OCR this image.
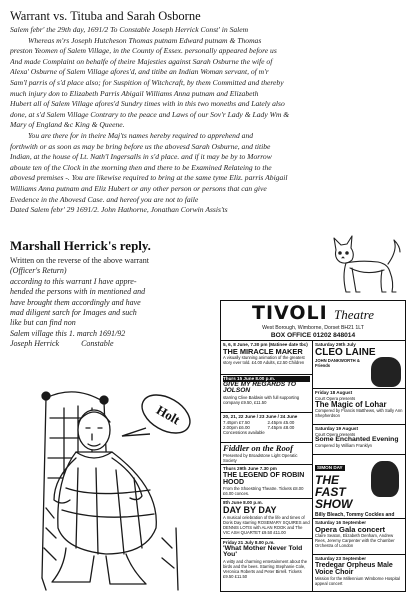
Warrant vs. Tituba and Sarah Osborne
Salem febr' the 29th day, 1691/2 To Constable Joseph Herrick Const' in Salem
Whereas m'rs Joseph Hutcheson Thomas putnam Edward putnam & Thomas
preston Yeomen of Salem Village, in the County of Essex. personally appeared before us
And made Complaint on behalfe of theire Majesties against Sarah Osburne the wife of
Alexa' Osburne of Salem Village afores'd, and titibe an Indian Woman servant, of m'r
Sam'l parris of s'd place also; for Suspition of Witchcraft, by them Committed and thereby
much injury don to Elizabeth Parris Abigail Williams Anna putnam and Elizabeth
Hubert all of Salem Village afores'd Sundry times with in this two moneths and Lately also
done, at s'd Salem Village Contrary to the peace and Laws of our Sov'r Lady & Lady Wm &
Mary of England &c King & Queene.
You are there for in theire Maj'ts names hereby required to apprehend and
forthwith or as soon as may be bring before us the abovesd Sarah Osburne, and titibe
Indian, at the house of Lt. Nath'l Ingersalls in s'd place. and if it may be by to Morrow
aboute ten of the Clock in the morning then and there to be Examined Relateing to the
abovesd premises -. You are likewise required to bring at the same tyme Eliz. parris Abigail
Williams Anna putnam and Eliz Hubert or any other person or persons that can give
Evedence in the Abovesd Case. and hereof you are not to faile
Dated Salem febr' 29 1691/2. John Hathorne, Jonathan Corwin Assis'ts
Marshall Herrick's reply.
Written on the reverse of the above warrant
(Officer's Return)
according to this warrant I have appre-
hended the persons with in mentioned and
have brought them accordingly and have
mad diligent sarch for Images and such
like but can find non
Salem village this 1. march 1691/92
Joseph Herrick	Constable
Holt
TIVOLI Theatre
West Borough, Wimborne, Dorset BH21 1LT
BOX OFFICE 01202 848014
5, 6, 8 June, 7.30 pm (Matinee date tbc)
THE MIRACLE MAKER
A visually stunning animation of the greatest story ever told. £4.00 Adults, £2.50 Children
Thurs 15 June 8.00 p.m.
GIVE MY REGARDS TO JOLSON
starring Clive Baldwin with full supporting company £9.50, £11.50
20, 21, 22 June / 23 June / 24 June
7.45pm £7.50	2.45pm £5.00
2.00pm £6.00	7.45pm £8.00
Concessions available
Fiddler on the Roof
Presented by Broadstone Light Operatic Society
Thurs 29th June 7.30 pm
THE LEGEND OF ROBIN HOOD
From the Shoestring Theatre. Tickets £8.00 £6.00 conces.
8th June 8.00 p.m.
DAY BY DAY
A musical celebration of the life and times of Doris Day starring ROSEMARY SQUIRES and DENNIS LOTIS with ALAN ROOK and The VIC ASH QUARTET £9.50 £11.00
Friday 21 July 8.00 p.m.
'What Mother Never Told You'
A witty and charming entertainment about the birds and the bees. Starring Stephanie Cole, Veronica Roberts and Peter Birrell. Tickets £9.50 £11.50
Saturday 29th July
CLEO LAINE
JOHN DANKWORTH & Friends
Friday 18 August
Court Opera presents
The Magic of Lohar
Compered by Francis Matthews, with Sally Ann Shepherdson
Saturday 19 August
Court Opera presents
Some Enchanted Evening
Compered by William Franklyn
SIMON DAY
THE FAST SHOW
Billy Bleach, Tommy Cockles and
Saturday 16 September
Opera Gala concert
Claire Seaton, Elizabeth Denham, Andrew Rees, Jeremy Carpenter with the Chamber Orchestra of London
Saturday 23 September
Tredegar Orpheus Male Voice Choir
Mission for the Millennium Wimborne Hospital appeal concert
